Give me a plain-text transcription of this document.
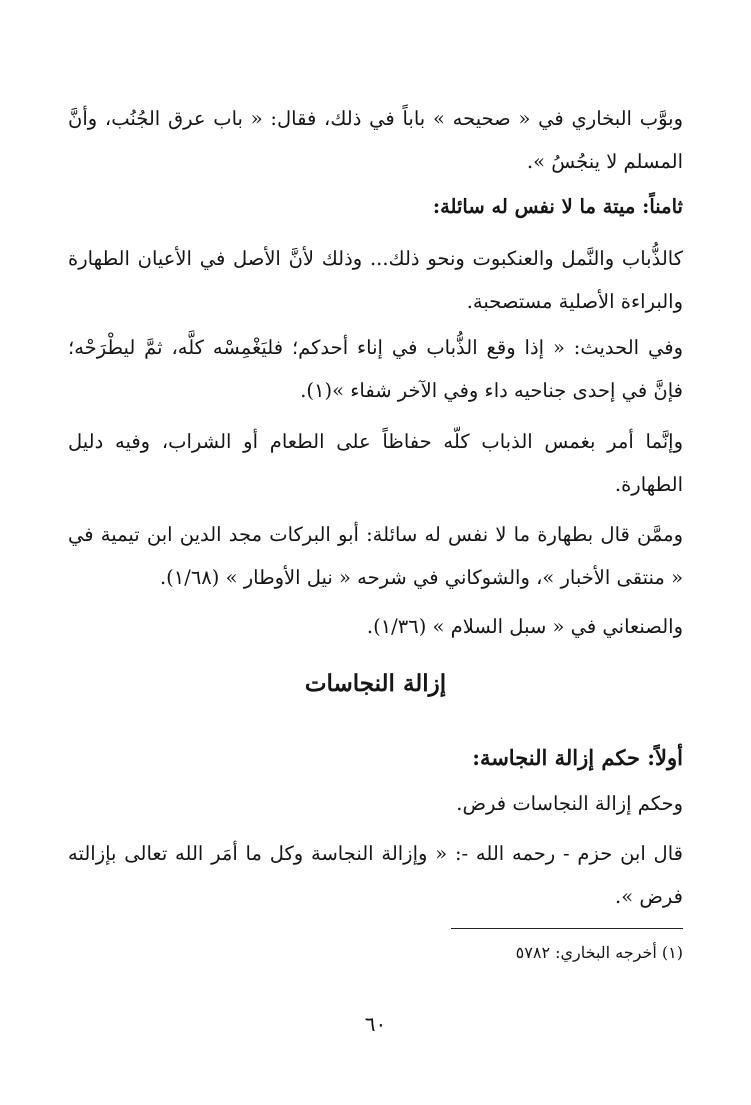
وبوَّب البخاري في « صحيحه » باباً في ذلك، فقال: « باب عرق الجُنُب، وأنَّ المسلم لا ينجُسُ ».

ثامناً: ميتة ما لا نفس له سائلة:

كالذُّباب والنَّمل والعنكبوت ونحو ذلك... وذلك لأنَّ الأصل في الأعيان الطهارة والبراءة الأصلية مستصحبة.

وفي الحديث: « إذا وقع الذُّباب في إناء أحدكم؛ فليَغْمِسْه كلَّه، ثمَّ ليطْرَحْه؛ فإنَّ في إحدى جناحيه داء وفي الآخر شفاء »(١).

وإنَّما أمر بغمس الذباب كلّه حفاظاً على الطعام أو الشراب، وفيه دليل الطهارة.

وممَّن قال بطهارة ما لا نفس له سائلة: أبو البركات مجد الدين ابن تيمية في « منتقى الأخبار »، والشوكاني في شرحه « نيل الأوطار » (١/٦٨).

والصنعاني في « سبل السلام » (١/٣٦).

إزالة النجاسات

أولاً: حكم إزالة النجاسة:

وحكم إزالة النجاسات فرض.

قال ابن حزم - رحمه الله -: « وإزالة النجاسة وكل ما أمَر الله تعالى بإزالته فرض ».

(١) أخرجه البخاري: ٥٧٨٢

٦٠
